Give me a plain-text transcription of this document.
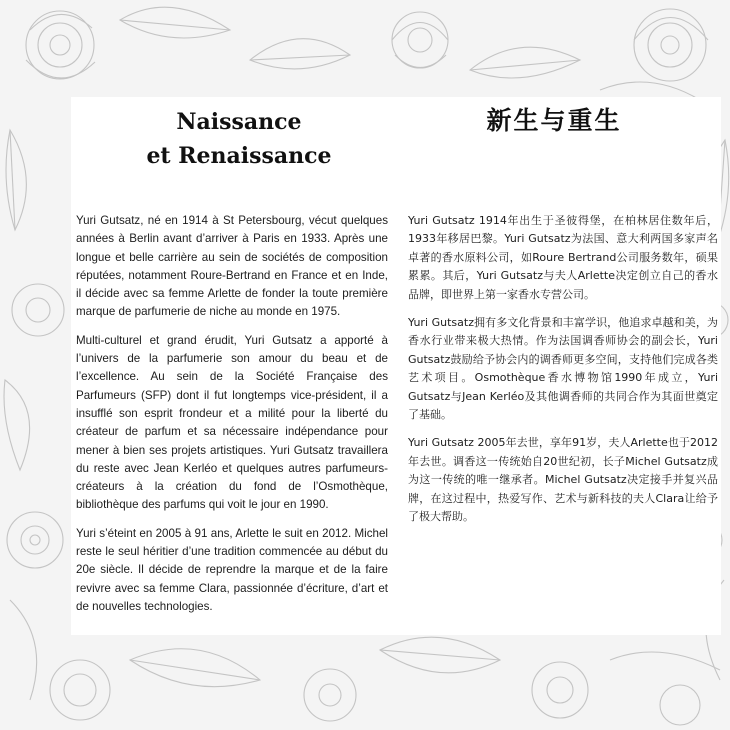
Naissance
et Renaissance
新生与重生

Yuri Gutsatz, né en 1914 à St Petersbourg, vécut quelques années à Berlin avant d’arriver à Paris en 1933. Après une longue et belle carrière au sein de sociétés de composition réputées, notamment Roure-Bertrand en France et en Inde, il décide avec sa femme Arlette de fonder la toute première marque de parfumerie de niche au monde en 1975.

Multi-culturel et grand érudit, Yuri Gutsatz a apporté à l’univers de la parfumerie son amour du beau et de l’excellence. Au sein de la Société Française des Parfumeurs (SFP) dont il fut longtemps vice-président, il a insufflé son esprit frondeur et a milité pour la liberté du créateur de parfum et sa nécessaire indépendance pour mener à bien ses projets artistiques. Yuri Gutsatz travaillera du reste avec Jean Kerléo et quelques autres parfumeurs-créateurs à la création du fond de l’Osmothèque, bibliothèque des parfums qui voit le jour en 1990.

Yuri s’éteint en 2005 à 91 ans, Arlette le suit en 2012. Michel reste le seul héritier d’une tradition commencée au début du 20e siècle. Il décide de reprendre la marque et de la faire revivre avec sa femme Clara, passionnée d’écriture, d’art et de nouvelles technologies.

Yuri Gutsatz 1914年出生于圣彼得堡，在柏林居住数年后，1933年移居巴黎。Yuri Gutsatz为法国、意大利两国多家声名卓著的香水原料公司，如Roure Bertrand公司服务数年，硕果累累。其后，Yuri Gutsatz与夫人Arlette决定创立自己的香水品牌，即世界上第一家香水专营公司。

Yuri Gutsatz拥有多文化背景和丰富学识，他追求卓越和美，为香水行业带来极大热情。作为法国调香师协会的副会长，Yuri Gutsatz鼓励给予协会内的调香师更多空间，支持他们完成各类艺术项目。Osmothèque香水博物馆1990年成立，Yuri Gutsatz与Jean Kerléo及其他调香师的共同合作为其面世奠定了基础。

Yuri Gutsatz 2005年去世，享年91岁，夫人Arlette也于2012年去世。调香这一传统始自20世纪初，长子Michel Gutsatz成为这一传统的唯一继承者。Michel Gutsatz决定接手并复兴品牌，在这过程中，热爱写作、艺术与新科技的夫人Clara让给予了极大帮助。
